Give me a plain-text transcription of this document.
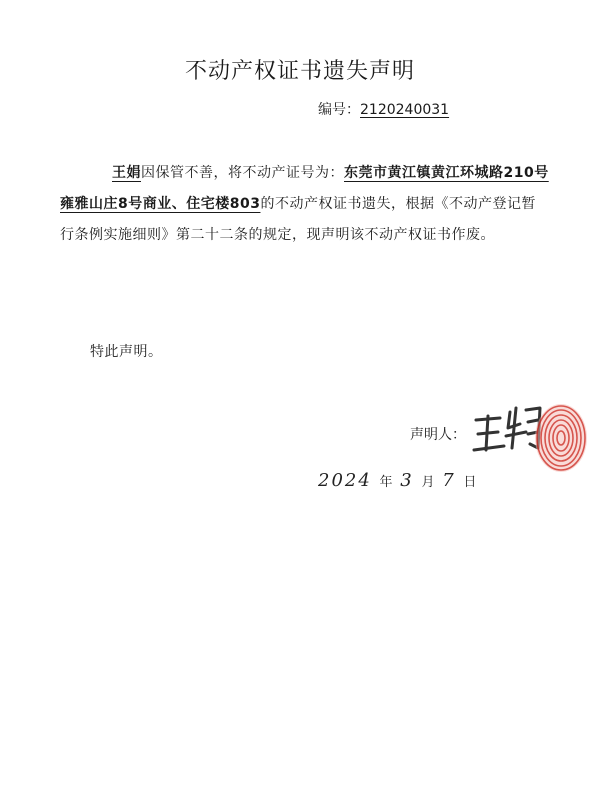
不动产权证书遗失声明
编号：2120240031
王娟因保管不善，将不动产证号为：东莞市黄江镇黄江环城路210号雍雅山庄8号商业、住宅楼803的不动产权证书遗失，根据《不动产登记暂行条例实施细则》第二十二条的规定，现声明该不动产权证书作废。
特此声明。
声明人：
2024 年 3 月 7 日
